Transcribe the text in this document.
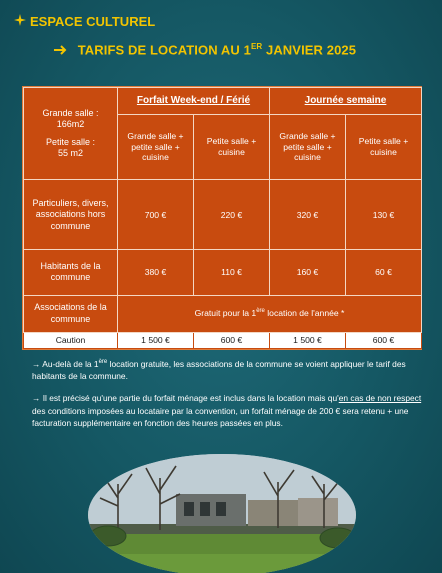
ESPACE CULTUREL
TARIFS DE LOCATION AU 1ER JANVIER 2025
Grande salle :
166m2
Petite salle :
55 m2	Forfait Week-end / Férié		Journée semaine	
	Grande salle + petite salle + cuisine	Petite salle + cuisine	Grande salle + petite salle + cuisine	Petite salle + cuisine
Particuliers, divers, associations hors commune	700 €	220 €	320 €	130 €
Habitants de la commune	380 €	110 €	160 €	60 €
Associations de la commune	Gratuit pour la 1ère location de l'année *			
Caution	1 500 €	600 €	1 500 €	600 €
→ Au-delà de la 1ère location gratuite, les associations de la commune se voient appliquer le tarif des habitants de la commune.
→ Il est précisé qu'une partie du forfait ménage est inclus dans la location mais qu'en cas de non respect des conditions imposées au locataire par la convention, un forfait ménage de 200 € sera retenu + une facturation supplémentaire en fonction des heures passées en plus.
